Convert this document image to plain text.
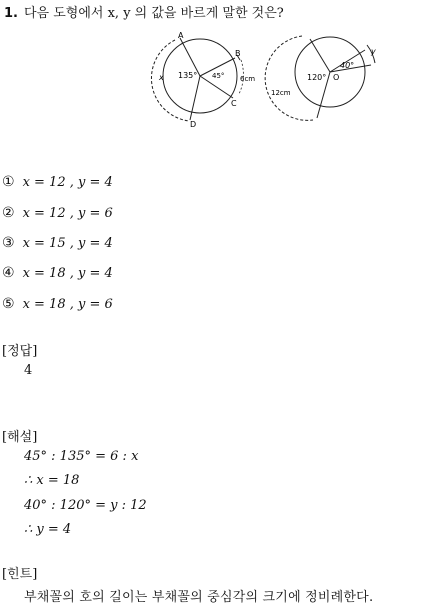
1. 다음 도형에서 x, y 의 값을 바르게 말한 것은?
A
B
C
D
135° 45° 6cm
x	O
120°
40°
12cm
y
① x = 12 , y = 4
② x = 12 , y = 6
③ x = 15 , y = 4
④ x = 18 , y = 4
⑤ x = 18 , y = 6
[정답]
4
[해설]
45° : 135° = 6 : x
∴ x = 18
40° : 120° = y : 12
∴ y = 4
[힌트]
부채꼴의 호의 길이는 부채꼴의 중심각의 크기에 정비례한다.
